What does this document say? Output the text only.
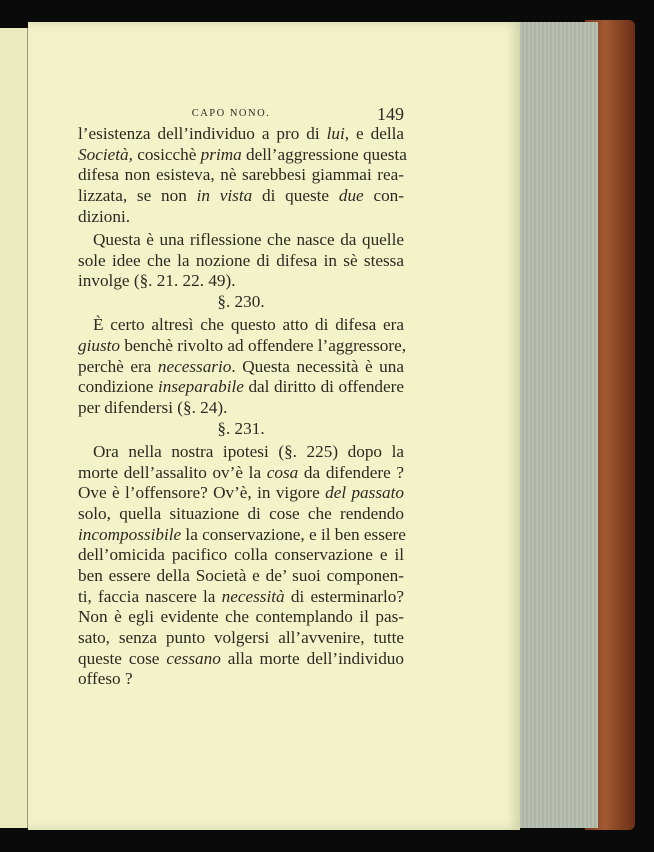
CAPO NONO.	149
l’esistenza dell’individuo a pro di lui, e della
Società, cosicchè prima dell’aggressione questa
difesa non esisteva, nè sarebbesi giammai rea-
lizzata, se non in vista di queste due con-
dizioni.
Questa è una riflessione che nasce da quelle
sole idee che la nozione di difesa in sè stessa
involge (§. 21. 22. 49).
§. 230.
È certo altresì che questo atto di difesa era
giusto benchè rivolto ad offendere l’aggressore,
perchè era necessario. Questa necessità è una
condizione inseparabile dal diritto di offendere
per difendersi (§. 24).
§. 231.
Ora nella nostra ipotesi (§. 225) dopo la
morte dell’assalito ov’è la cosa da difendere ?
Ove è l’offensore? Ov’è, in vigore del passato
solo, quella situazione di cose che rendendo
incompossibile la conservazione, e il ben essere
dell’omicida pacifico colla conservazione e il
ben essere della Società e de’ suoi componen-
ti, faccia nascere la necessità di esterminarlo?
Non è egli evidente che contemplando il pas-
sato, senza punto volgersi all’avvenire, tutte
queste cose cessano alla morte dell’individuo
offeso ?
